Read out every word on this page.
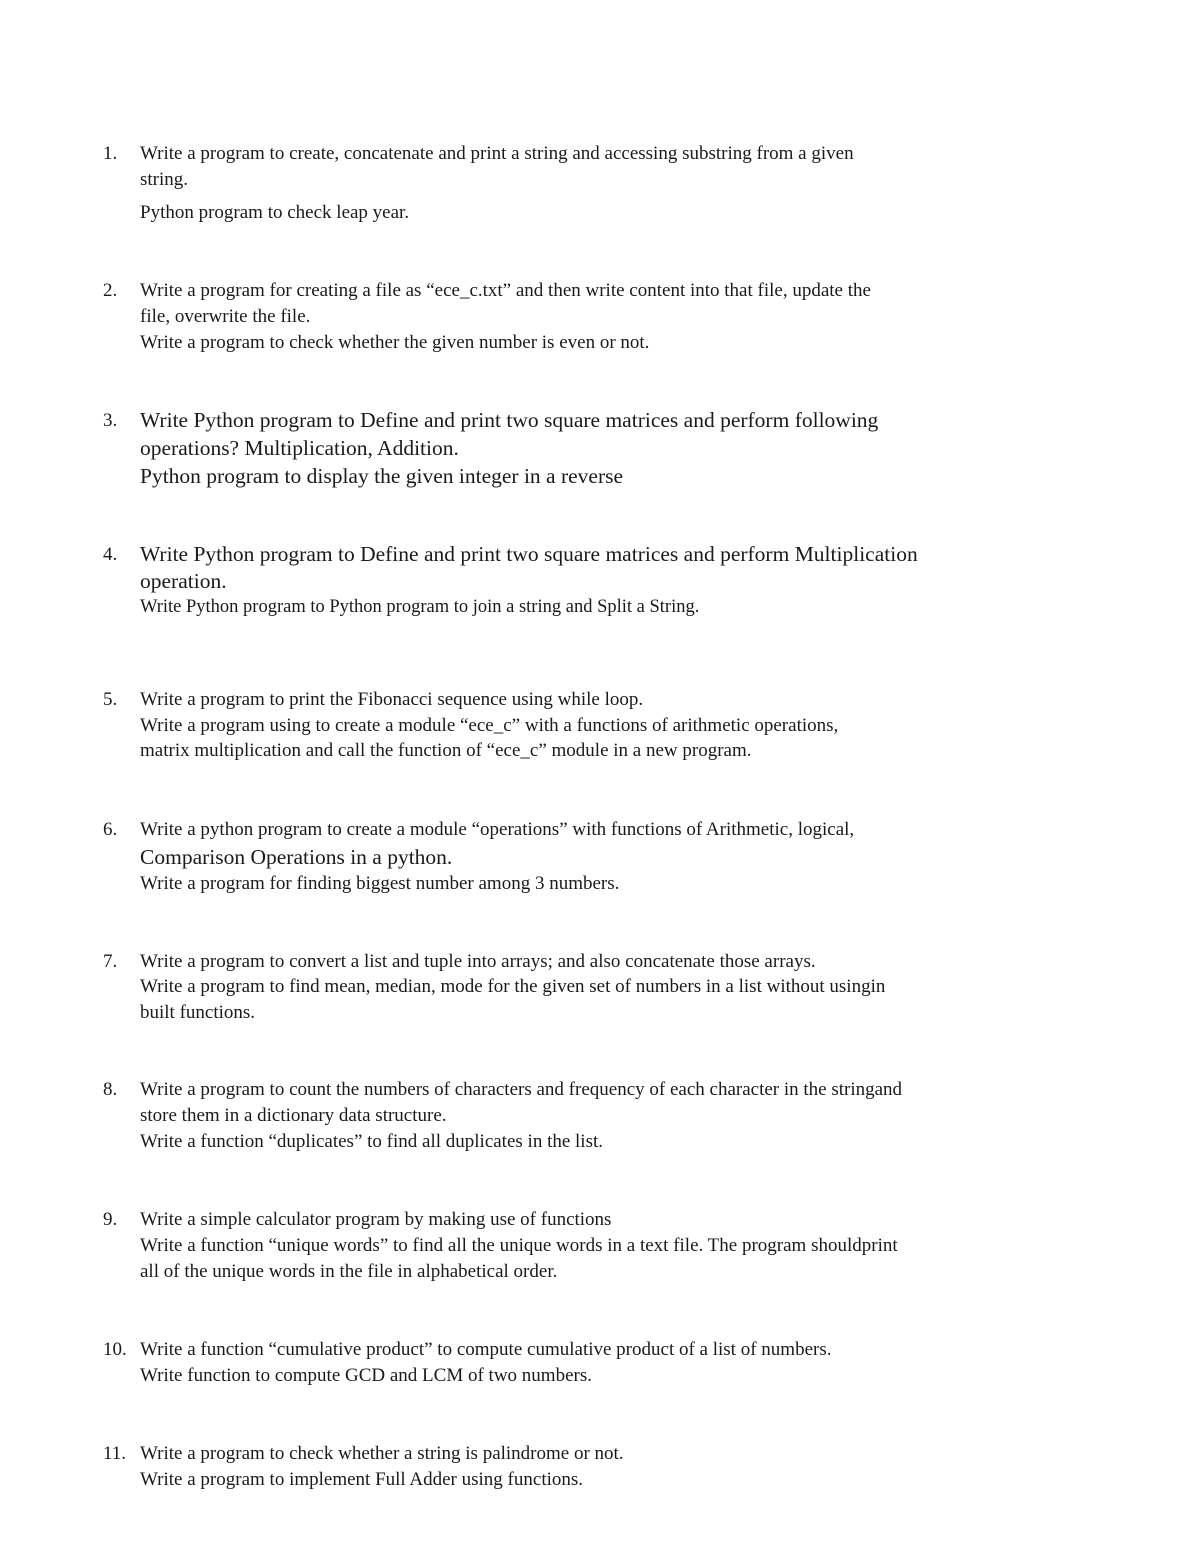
1. Write a program to create, concatenate and print a string and accessing substring from a given
string.
Python program to check leap year.
2. Write a program for creating a file as “ece_c.txt” and then write content into that file, update the
file, overwrite the file.
Write a program to check whether the given number is even or not.
3. Write Python program to Define and print two square matrices and perform following
operations? Multiplication, Addition.
Python program to display the given integer in a reverse
4. Write Python program to Define and print two square matrices and perform Multiplication
operation.
Write Python program to Python program to join a string and Split a String.
5. Write a program to print the Fibonacci sequence using while loop.
Write a program using to create a module “ece_c” with a functions of arithmetic operations,
matrix multiplication and call the function of “ece_c” module in a new program.
6. Write a python program to create a module “operations” with functions of Arithmetic, logical,
Comparison Operations in a python.
Write a program for finding biggest number among 3 numbers.
7. Write a program to convert a list and tuple into arrays; and also concatenate those arrays.
Write a program to find mean, median, mode for the given set of numbers in a list without usingin
built functions.
8. Write a program to count the numbers of characters and frequency of each character in the stringand
store them in a dictionary data structure.
Write a function “duplicates” to find all duplicates in the list.
9. Write a simple calculator program by making use of functions
Write a function “unique words” to find all the unique words in a text file. The program shouldprint
all of the unique words in the file in alphabetical order.
10. Write a function “cumulative product” to compute cumulative product of a list of numbers.
Write function to compute GCD and LCM of two numbers.
11. Write a program to check whether a string is palindrome or not.
Write a program to implement Full Adder using functions.
